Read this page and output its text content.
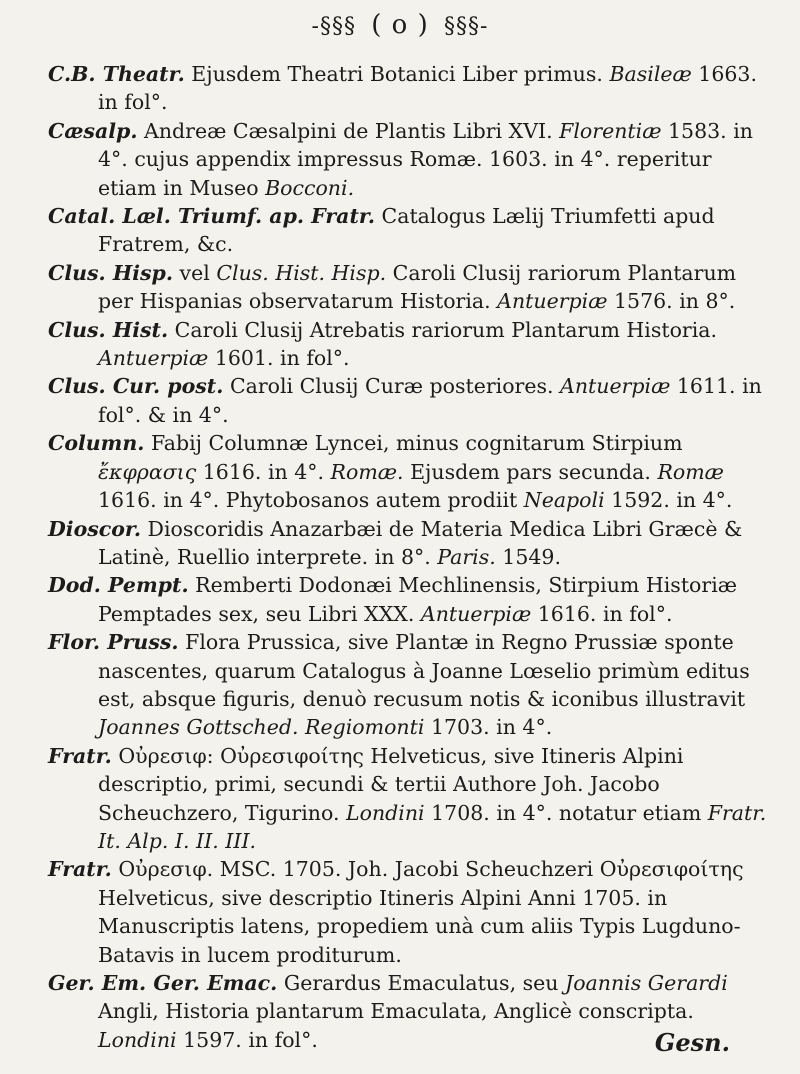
-§§§ ( o ) §§§-

C.B. Theatr. Ejusdem Theatri Botanici Liber primus. Basileæ 1663. in fol°.

Cæsalp. Andreæ Cæsalpini de Plantis Libri XVI. Florentiæ 1583. in 4°. cujus appendix impressus Romæ. 1603. in 4°. reperitur etiam in Museo Bocconi.

Catal. Læl. Triumf. ap. Fratr. Catalogus Lælij Triumfetti apud Fratrem, &c.

Clus. Hisp. vel Clus. Hist. Hisp. Caroli Clusij rariorum Plantarum per Hispanias observatarum Historia. Antuerpiæ 1576. in 8°.

Clus. Hist. Caroli Clusij Atrebatis rariorum Plantarum Historia. Antuerpiæ 1601. in fol°.

Clus. Cur. post. Caroli Clusij Curæ posteriores. Antuerpiæ 1611. in fol°. & in 4°.

Column. Fabij Columnæ Lyncei, minus cognitarum Stirpium ἔκφρασις 1616. in 4°. Romæ. Ejusdem pars secunda. Romæ 1616. in 4°. Phytobosanos autem prodiit Neapoli 1592. in 4°.

Dioscor. Dioscoridis Anazarbæi de Materia Medica Libri Græcè & Latinè, Ruellio interprete. in 8°. Paris. 1549.

Dod. Pempt. Remberti Dodonæi Mechlinensis, Stirpium Historiæ Pemptades sex, seu Libri XXX. Antuerpiæ 1616. in fol°.

Flor. Pruss. Flora Prussica, sive Plantæ in Regno Prussiæ sponte nascentes, quarum Catalogus à Joanne Lœselio primùm editus est, absque figuris, denuò recusum notis & iconibus illustravit Joannes Gottsched. Regiomonti 1703. in 4°.

Fratr. Οὐρεσιφ: Οὐρεσιφοίτης Helveticus, sive Itineris Alpini descriptio, primi, secundi & tertii Authore Joh. Jacobo Scheuchzero, Tigurino. Londini 1708. in 4°. notatur etiam Fratr. It. Alp. I. II. III.

Fratr. Οὐρεσιφ. MSC. 1705. Joh. Jacobi Scheuchzeri Οὐρεσιφοίτης Helveticus, sive descriptio Itineris Alpini Anni 1705. in Manuscriptis latens, propediem unà cum aliis Typis Lugduno-Batavis in lucem proditurum.

Ger. Em. Ger. Emac. Gerardus Emaculatus, seu Joannis Gerardi Angli, Historia plantarum Emaculata, Anglicè conscripta. Londini 1597. in fol°.	Gesn.
